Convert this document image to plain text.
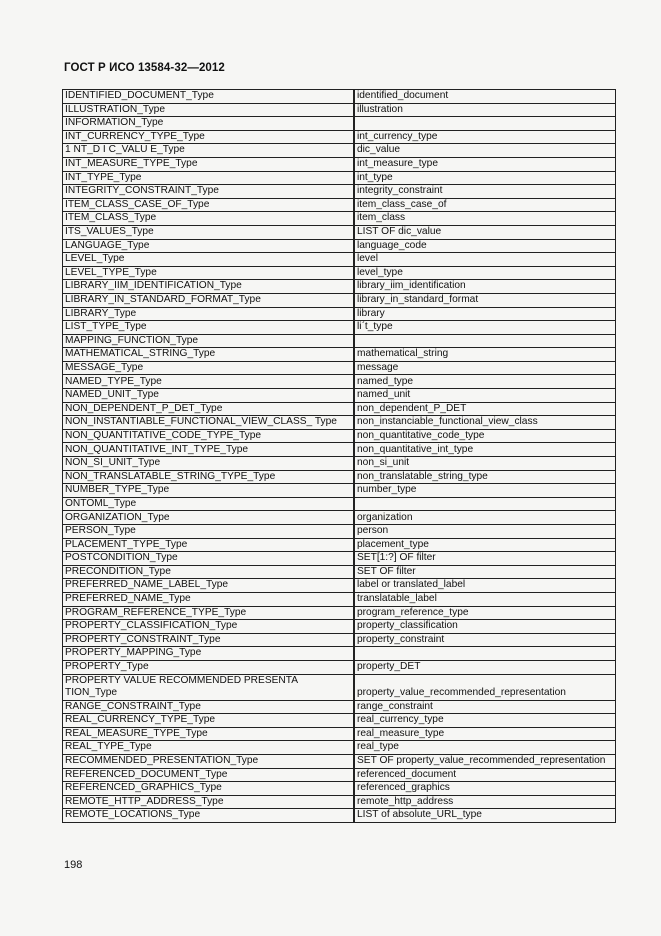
ГОСТ Р ИСО 13584-32—2012
IDENTIFIED_DOCUMENT_Type	identified_document
ILLUSTRATION_Type	illustration
INFORMATION_Type	
INT_CURRENCY_TYPE_Type	int_currency_type
1 NT_D I C_VALU E_Type	dic_value
INT_MEASURE_TYPE_Type	int_measure_type
INT_TYPE_Type	int_type
INTEGRITY_CONSTRAINT_Type	integrity_constraint
ITEM_CLASS_CASE_OF_Type	item_class_case_of
ITEM_CLASS_Type	item_class
ITS_VALUES_Type	LIST OF dic_value
LANGUAGE_Type	language_code
LEVEL_Type	level
LEVEL_TYPE_Type	level_type
LIBRARY_IIM_IDENTIFICATION_Type	library_iim_identification
LIBRARY_IN_STANDARD_FORMAT_Type	library_in_standard_format
LIBRARY_Type	library
LIST_TYPE_Type	liˊt_type
MAPPING_FUNCTION_Type	
MATHEMATICAL_STRING_Type	mathematical_string
MESSAGE_Type	message
NAMED_TYPE_Type	named_type
NAMED_UNIT_Type	named_unit
NON_DEPENDENT_P_DET_Type	non_dependent_P_DET
NON_INSTANTIABLE_FUNCTIONAL_VIEW_CLASS_ Type	non_instanciable_functional_view_class
NON_QUANTITATIVE_CODE_TYPE_Type	non_quantitative_code_type
NON_QUANTITATIVE_INT_TYPE_Type	non_quantitative_int_type
NON_SI_UNIT_Type	non_si_unit
NON_TRANSLATABLE_STRING_TYPE_Type	non_translatable_string_type
NUMBER_TYPE_Type	number_type
ONTOML_Type	
ORGANIZATION_Type	organization
PERSON_Type	person
PLACEMENT_TYPE_Type	placement_type
POSTCONDITION_Type	SET[1:?] OF filter
PRECONDITION_Type	SET OF filter
PREFERRED_NAME_LABEL_Type	label or translated_label
PREFERRED_NAME_Type	translatable_label
PROGRAM_REFERENCE_TYPE_Type	program_reference_type
PROPERTY_CLASSIFICATION_Type	property_classification
PROPERTY_CONSTRAINT_Type	property_constraint
PROPERTY_MAPPING_Type	
PROPERTY_Type	property_DET
PROPERTY VALUE RECOMMENDED PRESENTA TION_Type	property_value_recommended_representation
RANGE_CONSTRAINT_Type	range_constraint
REAL_CURRENCY_TYPE_Type	real_currency_type
REAL_MEASURE_TYPE_Type	real_measure_type
REAL_TYPE_Type	real_type
RECOMMENDED_PRESENTATION_Type	SET OF property_value_recommended_representation
REFERENCED_DOCUMENT_Type	referenced_document
REFERENCED_GRAPHICS_Type	referenced_graphics
REMOTE_HTTP_ADDRESS_Type	remote_http_address
REMOTE_LOCATIONS_Type	LIST of absolute_URL_type
198
